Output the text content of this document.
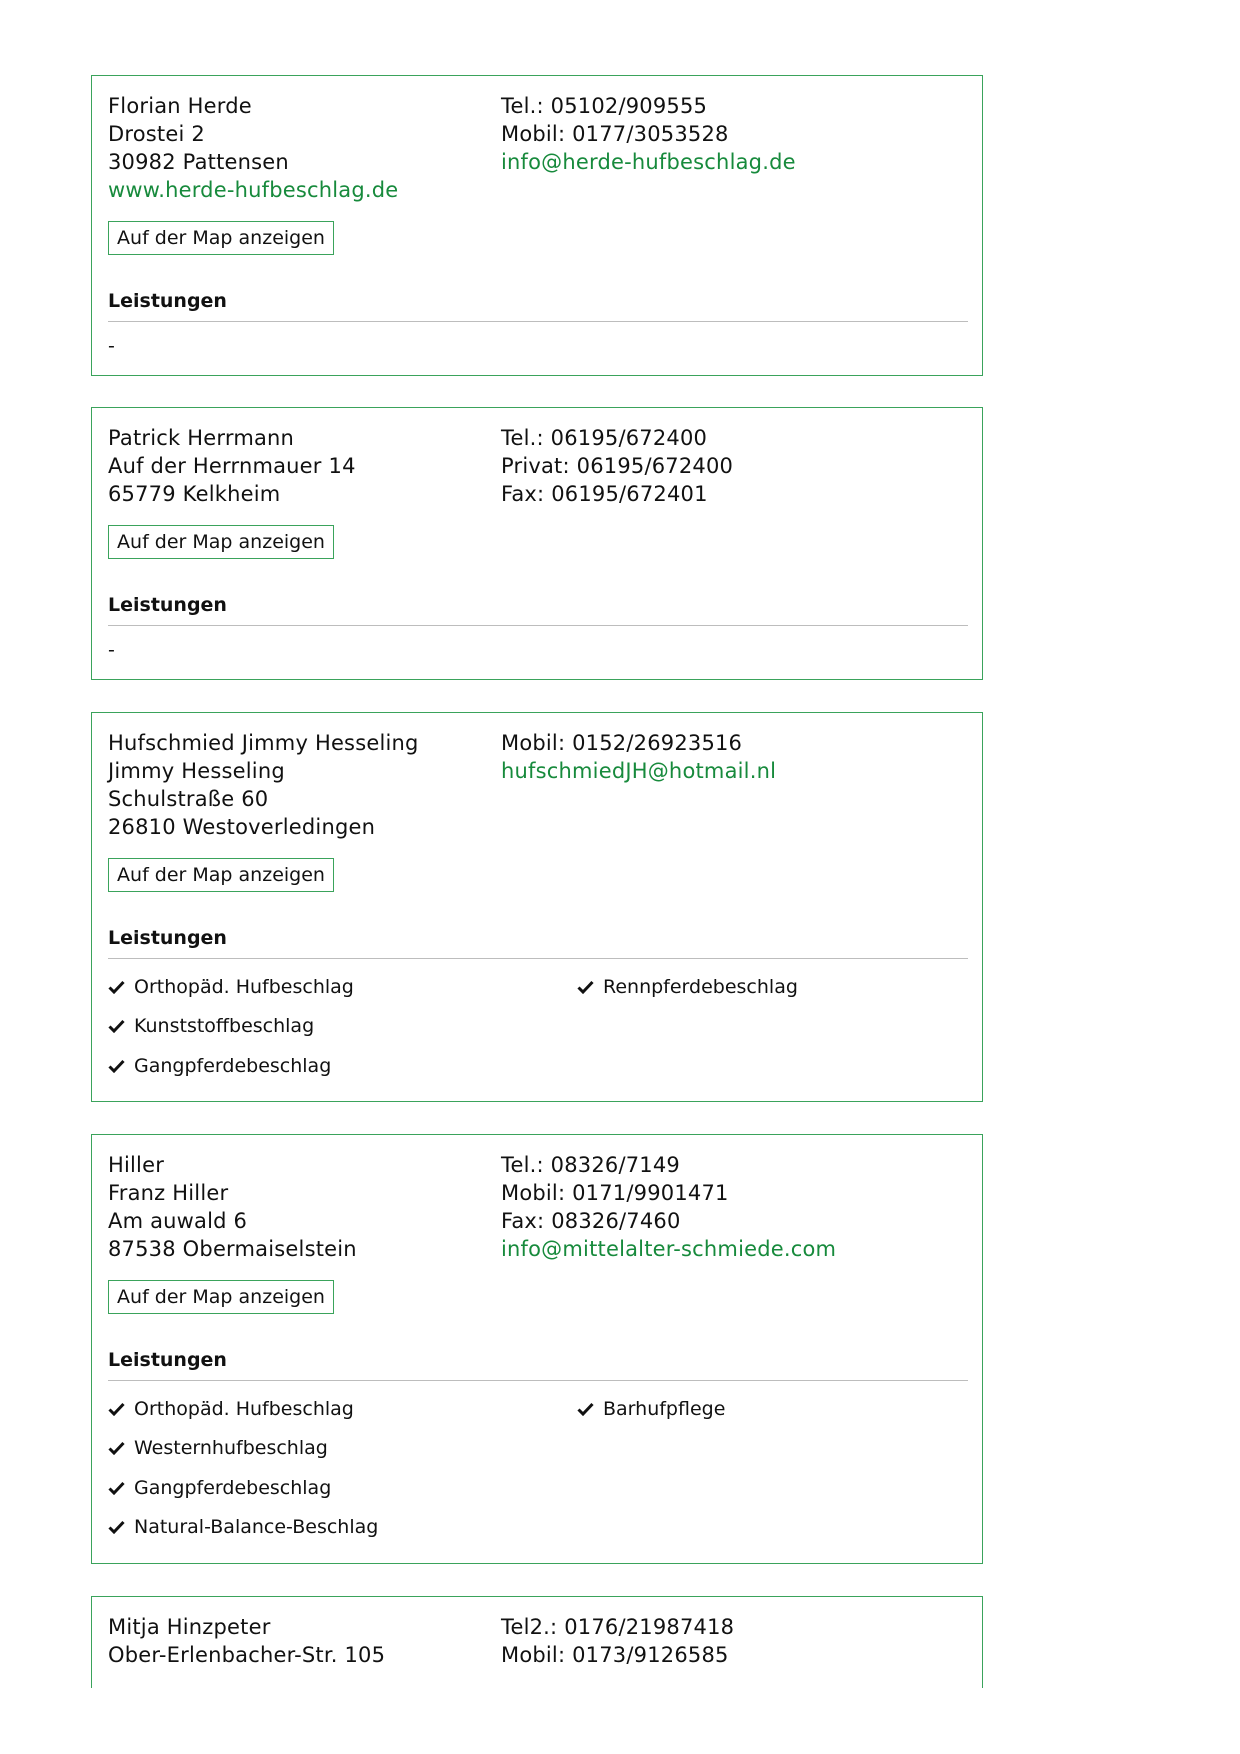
Florian Herde
Drostei 2
30982 Pattensen
www.herde-hufbeschlag.de
Tel.: 05102/909555
Mobil: 0177/3053528
info@herde-hufbeschlag.de
Auf der Map anzeigen
Leistungen
-
Patrick Herrmann
Auf der Herrnmauer 14
65779 Kelkheim
Tel.: 06195/672400
Privat: 06195/672400
Fax: 06195/672401
Auf der Map anzeigen
Leistungen
-
Hufschmied Jimmy Hesseling
Jimmy Hesseling
Schulstraße 60
26810 Westoverledingen
Mobil: 0152/26923516
hufschmiedJH@hotmail.nl
Auf der Map anzeigen
Leistungen
Orthopäd. Hufbeschlag	Rennpferdebeschlag
Kunststoffbeschlag
Gangpferdebeschlag
Hiller
Franz Hiller
Am auwald 6
87538 Obermaiselstein
Tel.: 08326/7149
Mobil: 0171/9901471
Fax: 08326/7460
info@mittelalter-schmiede.com
Auf der Map anzeigen
Leistungen
Orthopäd. Hufbeschlag	Barhufpflege
Westernhufbeschlag
Gangpferdebeschlag
Natural-Balance-Beschlag
Mitja Hinzpeter
Ober-Erlenbacher-Str. 105
Tel2.: 0176/21987418
Mobil: 0173/9126585
